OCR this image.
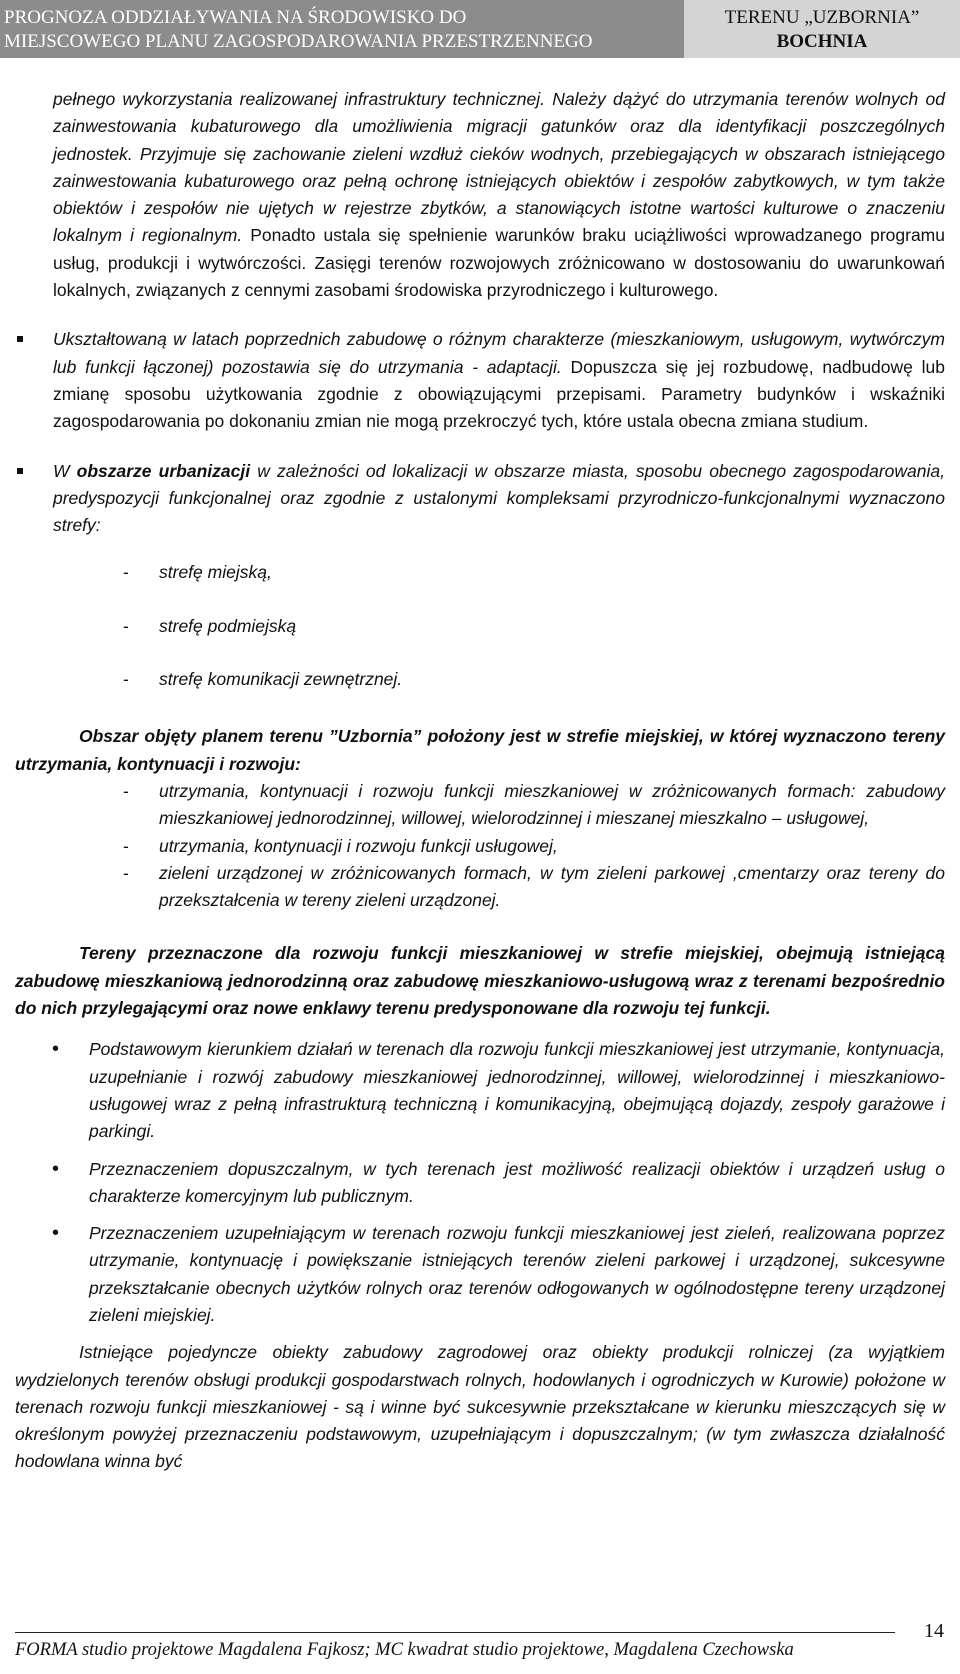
PROGNOZA ODDZIAŁYWANIA NA ŚRODOWISKO DO
MIEJSCOWEGO PLANU ZAGOSPODAROWANIA PRZESTRZENNEGO
TERENU „UZBORNIA”
BOCHNIA

pełnego wykorzystania realizowanej infrastruktury technicznej. Należy dążyć do utrzymania terenów wolnych od zainwestowania kubaturowego dla umożliwienia migracji gatunków oraz dla identyfikacji poszczególnych jednostek. Przyjmuje się zachowanie zieleni wzdłuż cieków wodnych, przebiegających w obszarach istniejącego zainwestowania kubaturowego oraz pełną ochronę istniejących obiektów i zespołów zabytkowych, w tym także obiektów i zespołów nie ujętych w rejestrze zbytków, a stanowiących istotne wartości kulturowe o znaczeniu lokalnym i regionalnym. Ponadto ustala się spełnienie warunków braku uciążliwości wprowadzanego programu usług, produkcji i wytwórczości. Zasięgi terenów rozwojowych zróżnicowano w dostosowaniu do uwarunkowań lokalnych, związanych z cennymi zasobami środowiska przyrodniczego i kulturowego.

Ukształtowaną w latach poprzednich zabudowę o różnym charakterze (mieszkaniowym, usługowym, wytwórczym lub funkcji łączonej) pozostawia się do utrzymania - adaptacji. Dopuszcza się jej rozbudowę, nadbudowę lub zmianę sposobu użytkowania zgodnie z obowiązującymi przepisami. Parametry budynków i wskaźniki zagospodarowania po dokonaniu zmian nie mogą przekroczyć tych, które ustala obecna zmiana studium.
W obszarze urbanizacji w zależności od lokalizacji w obszarze miasta, sposobu obecnego zagospodarowania, predyspozycji funkcjonalnej oraz zgodnie z ustalonymi kompleksami przyrodniczo-funkcjonalnymi wyznaczono strefy:
- strefę miejską,
- strefę podmiejską
- strefę komunikacji zewnętrznej.

Obszar objęty planem terenu ”Uzbornia” położony jest w strefie miejskiej, w której wyznaczono tereny utrzymania, kontynuacji i rozwoju:

- utrzymania, kontynuacji i rozwoju funkcji mieszkaniowej w zróżnicowanych formach: zabudowy mieszkaniowej jednorodzinnej, willowej, wielorodzinnej i mieszanej mieszkalno – usługowej,
- utrzymania, kontynuacji i rozwoju funkcji usługowej,
- zieleni urządzonej w zróżnicowanych formach, w tym zieleni parkowej ,cmentarzy oraz tereny do przekształcenia w tereny zieleni urządzonej.

Tereny przeznaczone dla rozwoju funkcji mieszkaniowej w strefie miejskiej, obejmują istniejącą zabudowę mieszkaniową jednorodzinną oraz zabudowę mieszkaniowo-usługową wraz z terenami bezpośrednio do nich przylegającymi oraz nowe enklawy terenu predysponowane dla rozwoju tej funkcji.

• Podstawowym kierunkiem działań w terenach dla rozwoju funkcji mieszkaniowej jest utrzymanie, kontynuacja, uzupełnianie i rozwój zabudowy mieszkaniowej jednorodzinnej, willowej, wielorodzinnej i mieszkaniowo-usługowej wraz z pełną infrastrukturą techniczną i komunikacyjną, obejmującą dojazdy, zespoły garażowe i parkingi.
• Przeznaczeniem dopuszczalnym, w tych terenach jest możliwość realizacji obiektów i urządzeń usług o charakterze komercyjnym lub publicznym.
• Przeznaczeniem uzupełniającym w terenach rozwoju funkcji mieszkaniowej jest zieleń, realizowana poprzez utrzymanie, kontynuację i powiększanie istniejących terenów zieleni parkowej i urządzonej, sukcesywne przekształcanie obecnych użytków rolnych oraz terenów odłogowanych w ogólnodostępne tereny urządzonej zieleni miejskiej.

Istniejące pojedyncze obiekty zabudowy zagrodowej oraz obiekty produkcji rolniczej (za wyjątkiem wydzielonych terenów obsługi produkcji gospodarstwach rolnych, hodowlanych i ogrodniczych w Kurowie) położone w terenach rozwoju funkcji mieszkaniowej - są i winne być sukcesywnie przekształcane w kierunku mieszczących się w określonym powyżej przeznaczeniu podstawowym, uzupełniającym i dopuszczalnym; (w tym zwłaszcza działalność hodowlana winna być

14
FORMA studio projektowe Magdalena Fajkosz; MC kwadrat studio projektowe, Magdalena Czechowska
